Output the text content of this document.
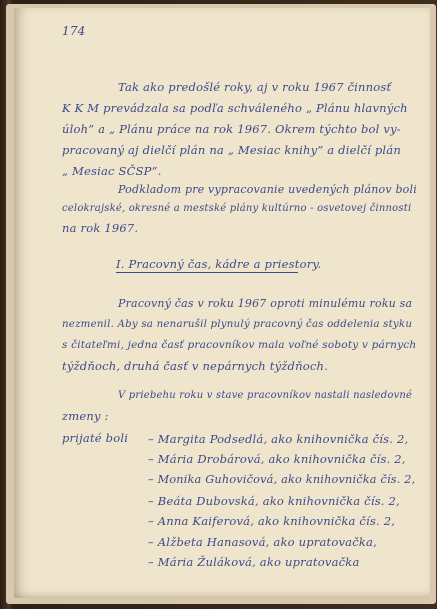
174
Tak ako predošlé roky, aj v roku 1967 činnosť
K K M prevádzala sa podľa schváleného „ Plánu hlavných
úloh” a „ Plánu práce na rok 1967. Okrem týchto bol vy-
pracovaný aj dielčí plán na „ Mesiac knihy” a dielčí plán
„ Mesiac SČSP”.
Podkladom pre vypracovanie uvedených plánov boli
celokrajské, okresné a mestské plány kultúrno - osvetovej činnosti
na rok 1967.
I. Pracovný čas, kádre a priestory.
Pracovný čas v roku 1967 oproti minulému roku sa
nezmenil. Aby sa nenarušil plynulý pracovný čas oddelenia styku
s čitateľmi, jedna časť pracovníkov mala voľné soboty v párnych
týždňoch, druhá časť v nepárnych týždňoch.
V priebehu roku v stave pracovníkov nastali nasledovné
zmeny :
prijaté boli – Margita Podsedlá, ako knihovnička čís. 2,
– Mária Drobárová, ako knihovnička čís. 2,
– Monika Guhovičová, ako knihovnička čís. 2,
– Beáta Dubovská, ako knihovnička čís. 2,
– Anna Kaiferová, ako knihovnička čís. 2,
– Alžbeta Hanasová, ako upratovačka,
– Mária Žuláková, ako upratovačka
